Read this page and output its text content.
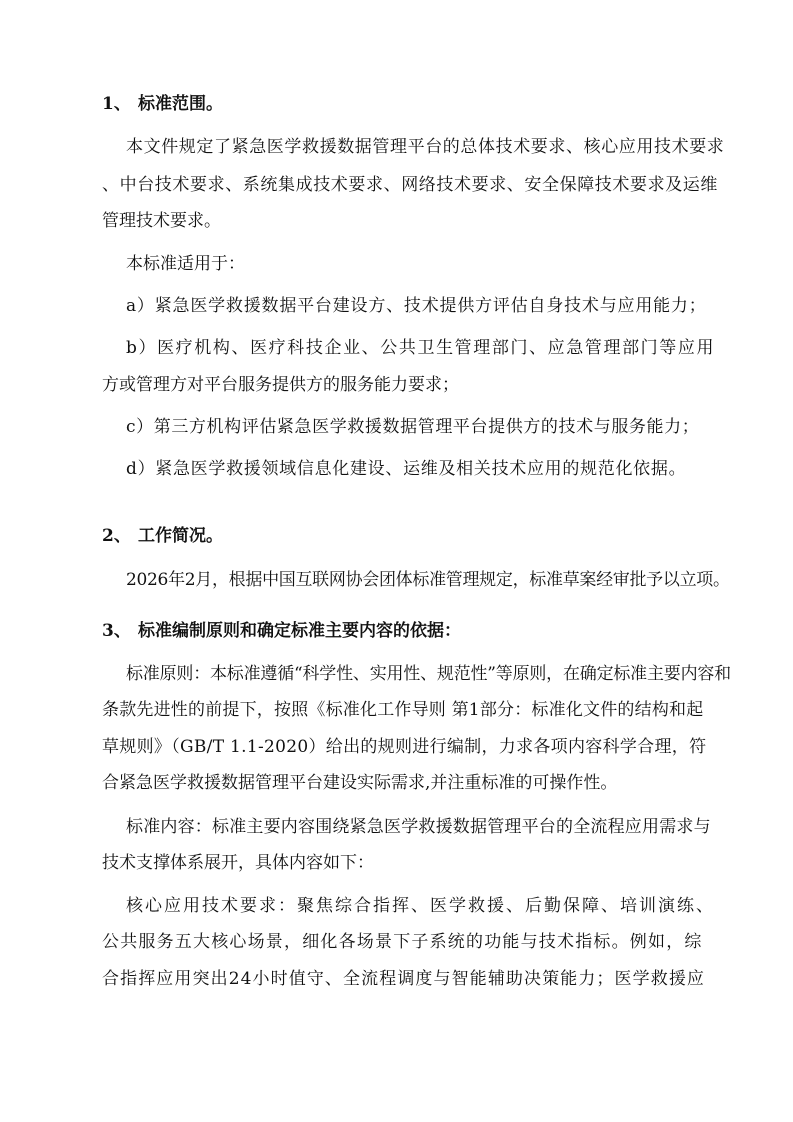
1、 标准范围。
本文件规定了紧急医学救援数据管理平台的总体技术要求、核心应用技术要求
、中台技术要求、系统集成技术要求、网络技术要求、安全保障技术要求及运维
管理技术要求。
本标准适用于：
a）紧急医学救援数据平台建设方、技术提供方评估自身技术与应用能力；
b）医疗机构、医疗科技企业、公共卫生管理部门、应急管理部门等应用
方或管理方对平台服务提供方的服务能力要求；
c）第三方机构评估紧急医学救援数据管理平台提供方的技术与服务能力；
d）紧急医学救援领域信息化建设、运维及相关技术应用的规范化依据。
2、 工作简况。
2026年2月，根据中国互联网协会团体标准管理规定，标准草案经审批予以立项。
3、 标准编制原则和确定标准主要内容的依据：
标准原则：本标准遵循“科学性、实用性、规范性”等原则，在确定标准主要内容和
条款先进性的前提下，按照《标准化工作导则 第1部分：标准化文件的结构和起
草规则》（GB/T 1.1-2020）给出的规则进行编制，力求各项内容科学合理，符
合紧急医学救援数据管理平台建设实际需求,并注重标准的可操作性。
标准内容：标准主要内容围绕紧急医学救援数据管理平台的全流程应用需求与
技术支撑体系展开，具体内容如下：
核心应用技术要求：聚焦综合指挥、医学救援、后勤保障、培训演练、
公共服务五大核心场景，细化各场景下子系统的功能与技术指标。例如，综
合指挥应用突出24小时值守、全流程调度与智能辅助决策能力；医学救援应
